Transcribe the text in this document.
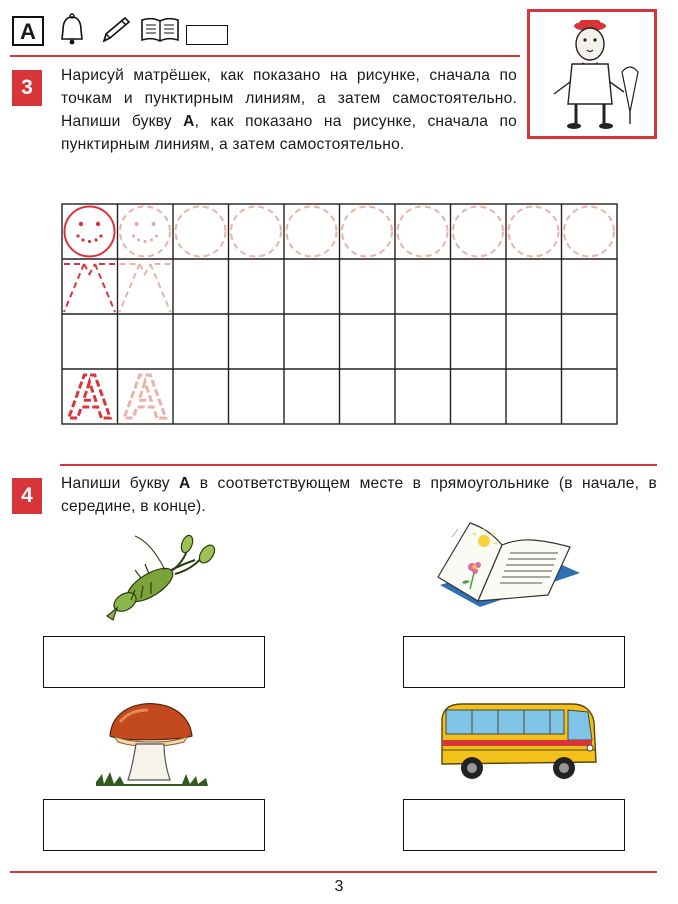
А
3
Нарисуй матрёшек, как показано на рисунке, сначала по точкам и пунктирным линиям, а затем самостоятельно. Напиши букву А, как показано на рисунке, сначала по пунктирным линиям, а затем самостоятельно.
А А
4
Напиши букву А в соответствующем месте в прямоугольнике (в начале, в середине, в конце).
3
